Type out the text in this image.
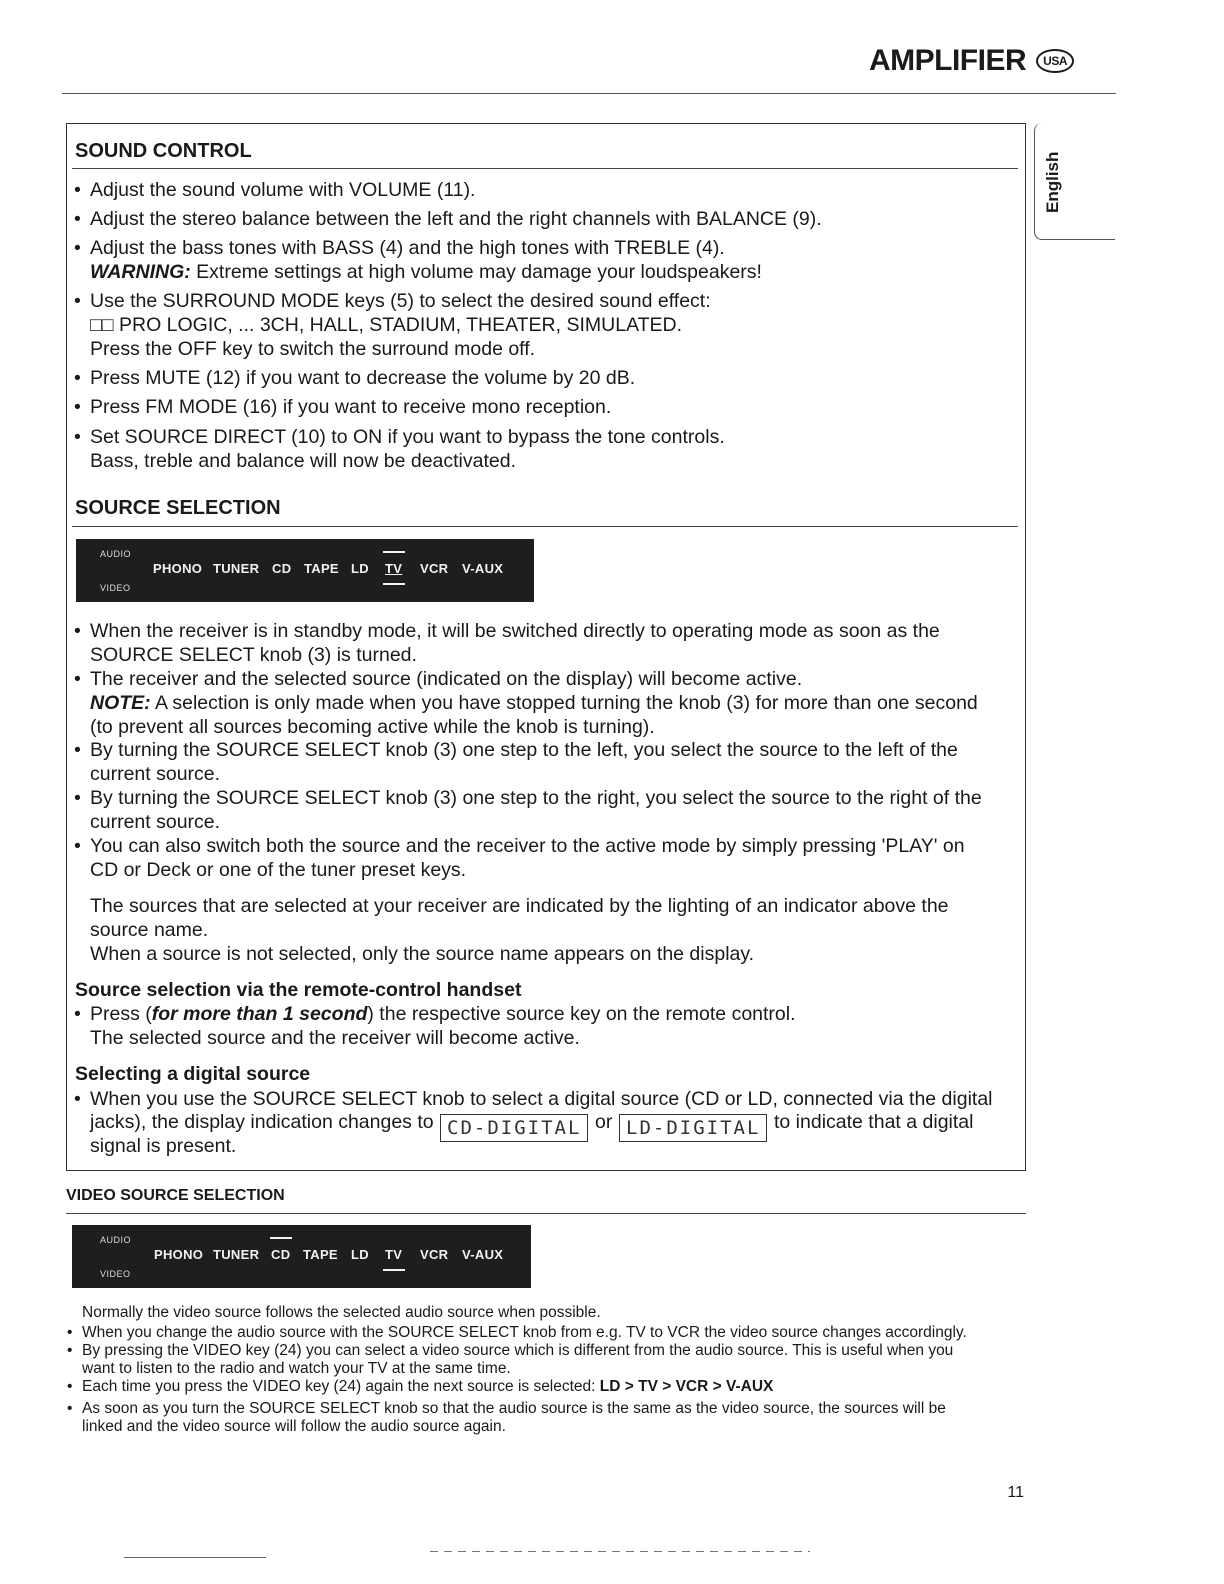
AMPLIFIER	USA
English
SOUND CONTROL
• Adjust the sound volume with VOLUME (11).
• Adjust the stereo balance between the left and the right channels with BALANCE (9).
• Adjust the bass tones with BASS (4) and the high tones with TREBLE (4).
WARNING: Extreme settings at high volume may damage your loudspeakers!
• Use the SURROUND MODE keys (5) to select the desired sound effect:
□□ PRO LOGIC, ... 3CH, HALL, STADIUM, THEATER, SIMULATED.
Press the OFF key to switch the surround mode off.
• Press MUTE (12) if you want to decrease the volume by 20 dB.
• Press FM MODE (16) if you want to receive mono reception.
• Set SOURCE DIRECT (10) to ON if you want to bypass the tone controls.
Bass, treble and balance will now be deactivated.
SOURCE SELECTION
AUDIO
VIDEO
PHONO TUNER CD TAPE LD TV VCR V-AUX
• When the receiver is in standby mode, it will be switched directly to operating mode as soon as the
SOURCE SELECT knob (3) is turned.
• The receiver and the selected source (indicated on the display) will become active.
NOTE: A selection is only made when you have stopped turning the knob (3) for more than one second
(to prevent all sources becoming active while the knob is turning).
• By turning the SOURCE SELECT knob (3) one step to the left, you select the source to the left of the
current source.
• By turning the SOURCE SELECT knob (3) one step to the right, you select the source to the right of the
current source.
• You can also switch both the source and the receiver to the active mode by simply pressing 'PLAY' on
CD or Deck or one of the tuner preset keys.
The sources that are selected at your receiver are indicated by the lighting of an indicator above the
source name.
When a source is not selected, only the source name appears on the display.
Source selection via the remote-control handset
• Press (for more than 1 second) the respective source key on the remote control.
The selected source and the receiver will become active.
Selecting a digital source
• When you use the SOURCE SELECT knob to select a digital source (CD or LD, connected via the digital
jacks), the display indication changes to CD-DIGITAL or LD-DIGITAL to indicate that a digital
signal is present.
VIDEO SOURCE SELECTION
AUDIO
VIDEO
PHONO TUNER CD TAPE LD TV VCR V-AUX
Normally the video source follows the selected audio source when possible.
• When you change the audio source with the SOURCE SELECT knob from e.g. TV to VCR the video source changes accordingly.
• By pressing the VIDEO key (24) you can select a video source which is different from the audio source. This is useful when you
want to listen to the radio and watch your TV at the same time.
• Each time you press the VIDEO key (24) again the next source is selected: LD > TV > VCR > V-AUX
• As soon as you turn the SOURCE SELECT knob so that the audio source is the same as the video source, the sources will be
linked and the video source will follow the audio source again.
11
